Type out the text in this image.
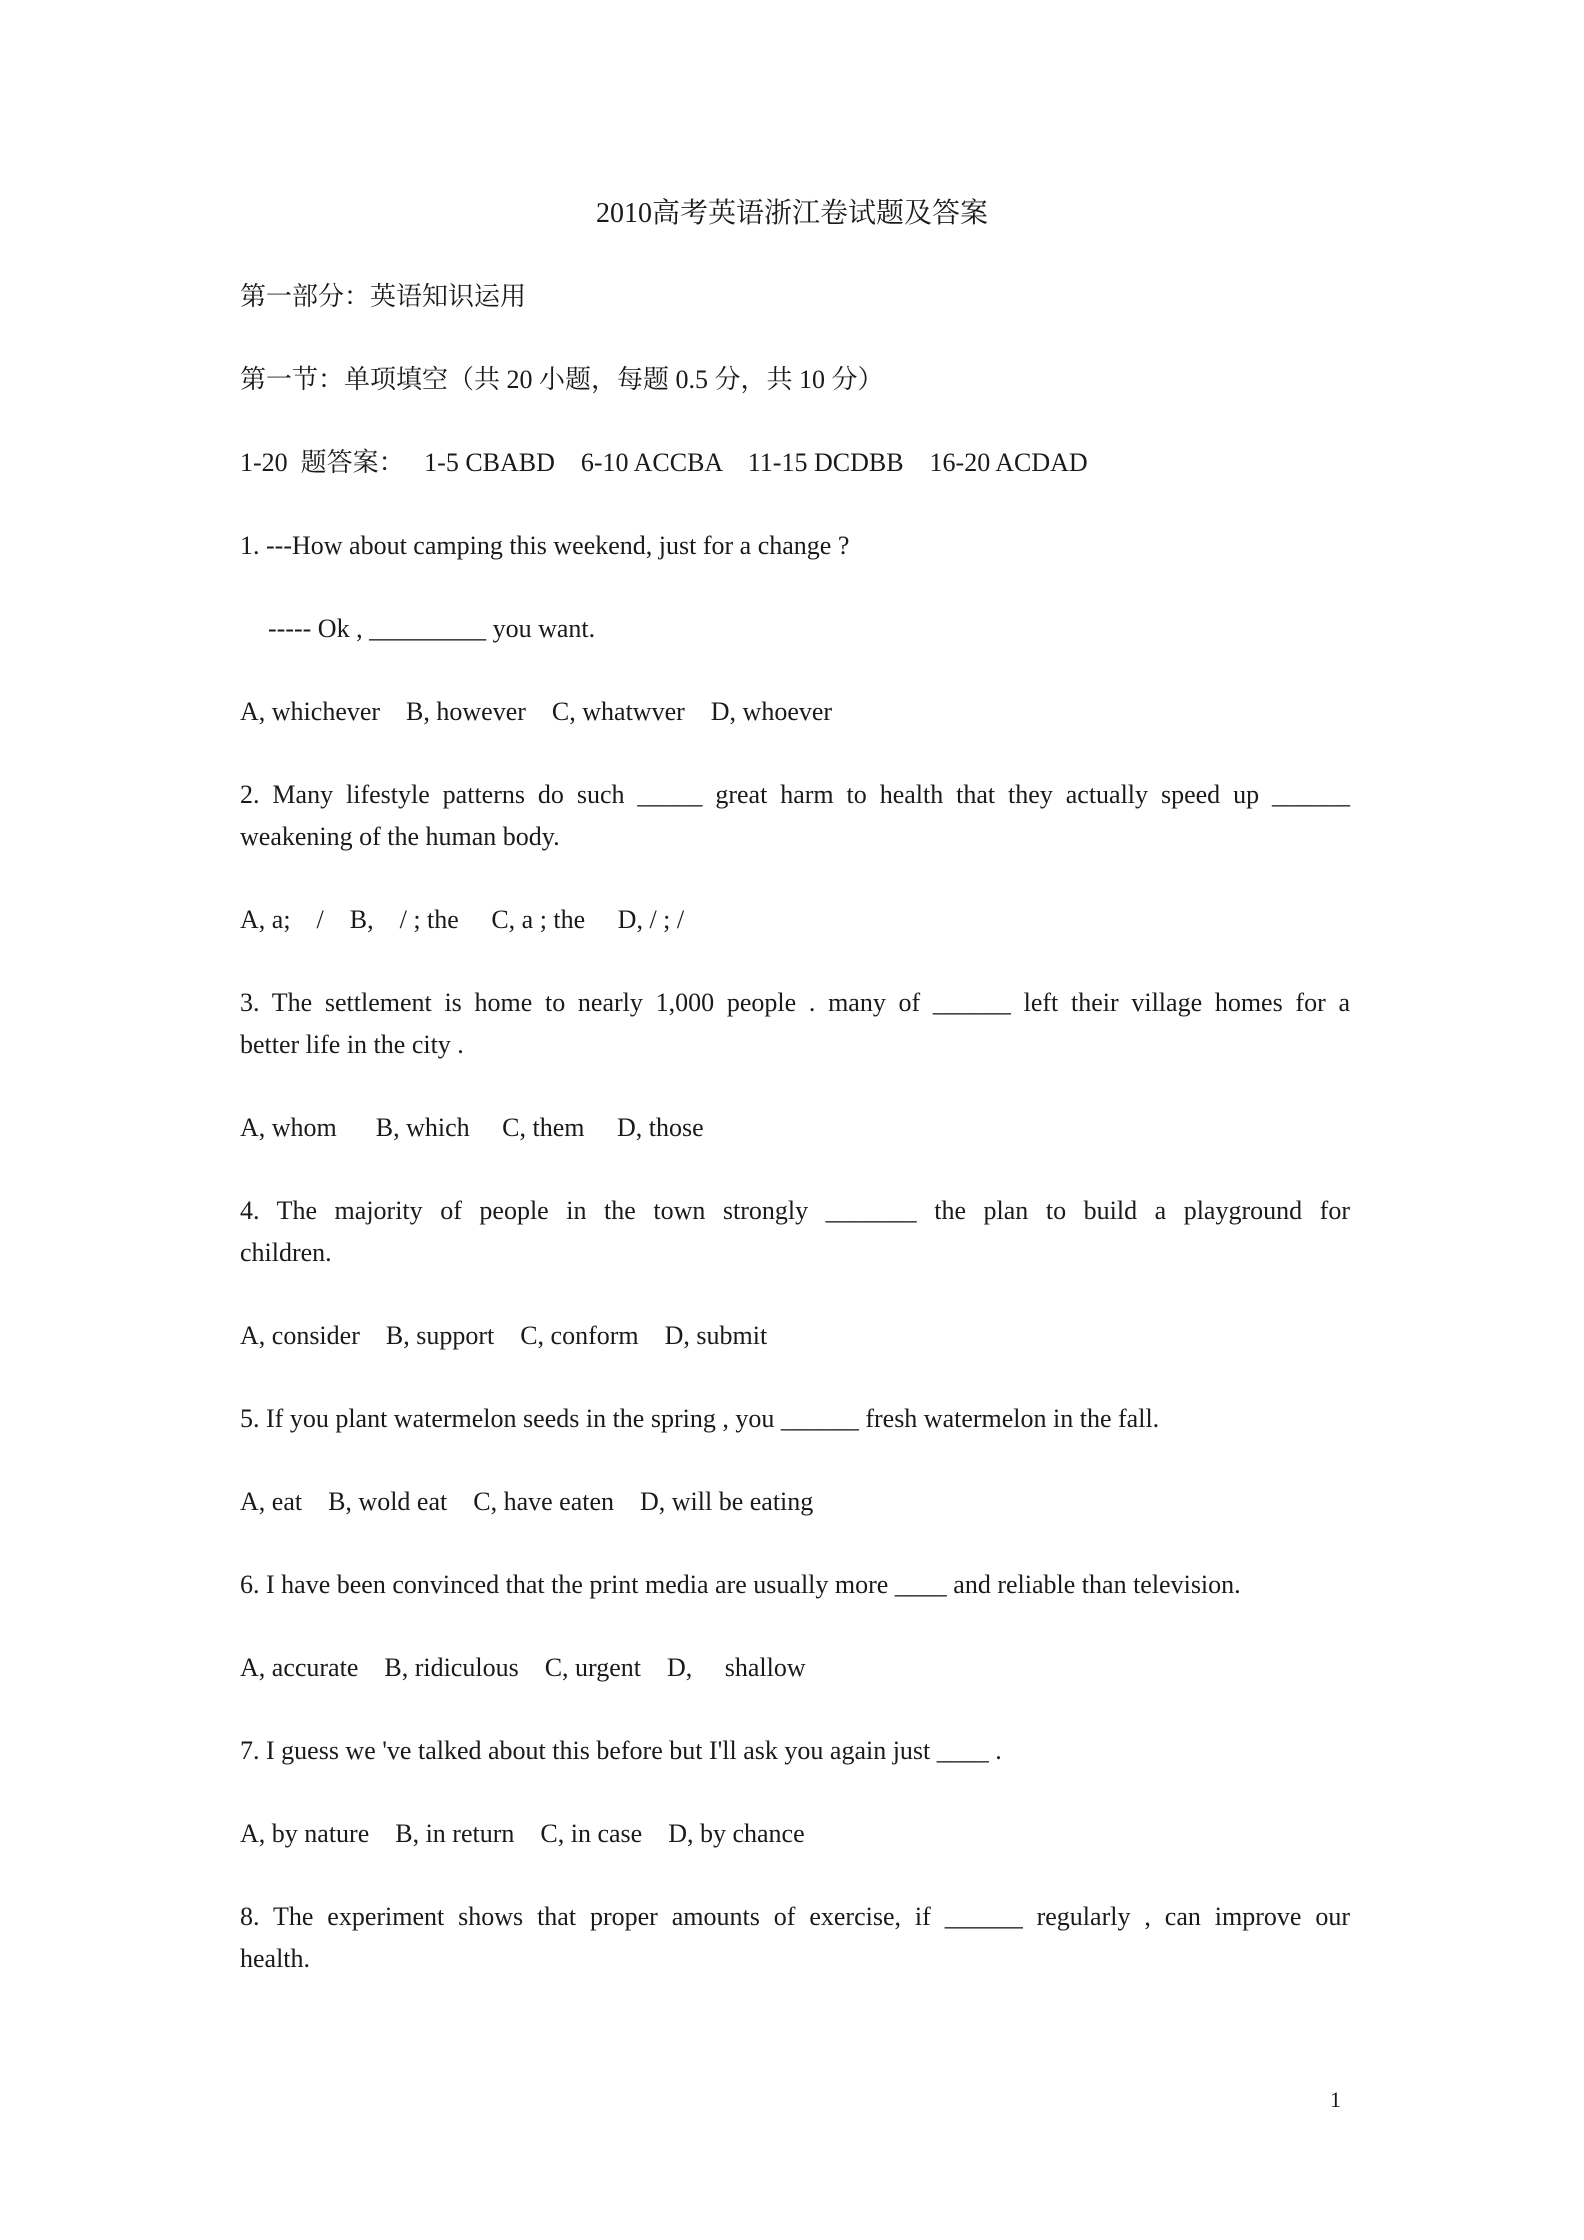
2010高考英语浙江卷试题及答案

第一部分：英语知识运用

第一节：单项填空（共 20 小题，每题 0.5 分，共 10 分）

1-20  题答案：   1-5 CBABD    6-10 ACCBA    11-15 DCDBB    16-20 ACDAD

1. ---How about camping this weekend, just for a change ?

----- Ok , _________ you want.

A, whichever    B, however    C, whatwver    D, whoever

2. Many lifestyle patterns do such _____ great harm to health that they actually speed up ______

weakening of the human body.

A, a;    /    B,    / ; the     C, a ; the     D, / ; /

3. The settlement is home to nearly 1,000 people . many of ______ left their village homes for a

better life in the city .

A, whom      B, which     C, them     D, those

4. The majority of people in the town strongly _______ the plan to build a playground for

children.

A, consider    B, support    C, conform    D, submit

5. If you plant watermelon seeds in the spring , you ______ fresh watermelon in the fall.

A, eat    B, wold eat    C, have eaten    D, will be eating

6. I have been convinced that the print media are usually more ____ and reliable than television.

A, accurate    B, ridiculous    C, urgent    D,     shallow

7. I guess we 've talked about this before but I'll ask you again just ____ .

A, by nature    B, in return    C, in case    D, by chance

8. The experiment shows that proper amounts of exercise, if ______ regularly , can improve our

health.

1
